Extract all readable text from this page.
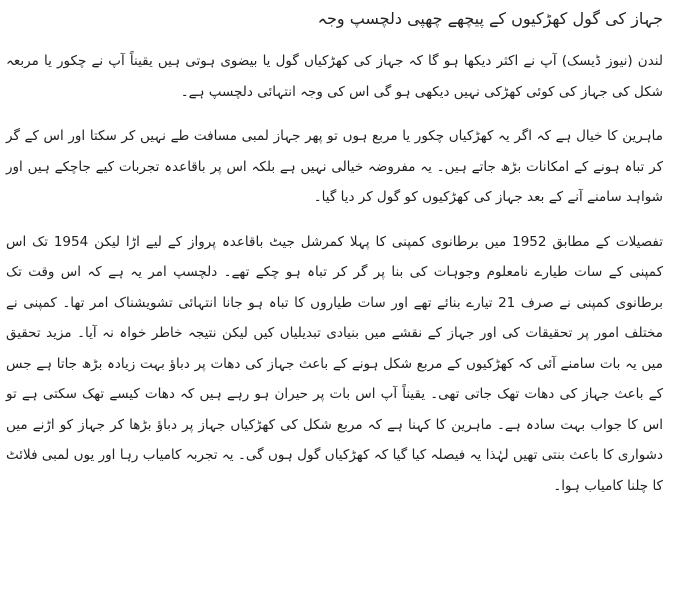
جہاز کی گول کھڑکیوں کے پیچھے چھپی دلچسپ وجہ

لندن (نیوز ڈیسک) آپ نے اکثر دیکھا ہو گا کہ جہاز کی کھڑکیاں گول یا بیضوی ہوتی ہیں یقیناً آپ نے چکور یا مربعہ شکل کی جہاز کی کوئی کھڑکی نہیں دیکھی ہو گی اس کی وجہ انتہائی دلچسپ ہے۔

ماہرین کا خیال ہے کہ اگر یہ کھڑکیاں چکور یا مربع ہوں تو پھر جہاز لمبی مسافت طے نہیں کر سکتا اور اس کے گر کر تباہ ہونے کے امکانات بڑھ جاتے ہیں۔ یہ مفروضہ خیالی نہیں ہے بلکہ اس پر باقاعدہ تجربات کیے جاچکے ہیں اور شواہد سامنے آنے کے بعد جہاز کی کھڑکیوں کو گول کر دیا گیا۔

تفصیلات کے مطابق 1952 میں برطانوی کمپنی کا پہلا کمرشل جیٹ باقاعدہ پرواز کے لیے اڑا لیکن 1954 تک اس کمپنی کے سات طیارے نامعلوم وجوہات کی بنا پر گر کر تباہ ہو چکے تھے۔ دلچسپ امر یہ ہے کہ اس وقت تک برطانوی کمپنی نے صرف 21 تیارے بنائے تھے اور سات طیاروں کا تباہ ہو جانا انتہائی تشویشناک امر تھا۔ کمپنی نے مختلف امور پر تحقیقات کی اور جہاز کے نقشے میں بنیادی تبدیلیاں کیں لیکن نتیجہ خاطر خواہ نہ آیا۔ مزید تحقیق میں یہ بات سامنے آئی کہ کھڑکیوں کے مربع شکل ہونے کے باعث جہاز کی دھات پر دباؤ بہت زیادہ بڑھ جاتا ہے جس کے باعث جہاز کی دھات تھک جاتی تھی۔ یقیناً آپ اس بات پر حیران ہو رہے ہیں کہ دھات کیسے تھک سکتی ہے تو اس کا جواب بہت سادہ ہے۔ ماہرین کا کہنا ہے کہ مربع شکل کی کھڑکیاں جہاز پر دباؤ بڑھا کر جہاز کو اڑنے میں دشواری کا باعث بنتی تھیں لہٰذا یہ فیصلہ کیا گیا کہ کھڑکیاں گول ہوں گی۔ یہ تجربہ کامیاب رہا اور یوں لمبی فلائٹ کا چلنا کامیاب ہوا۔
